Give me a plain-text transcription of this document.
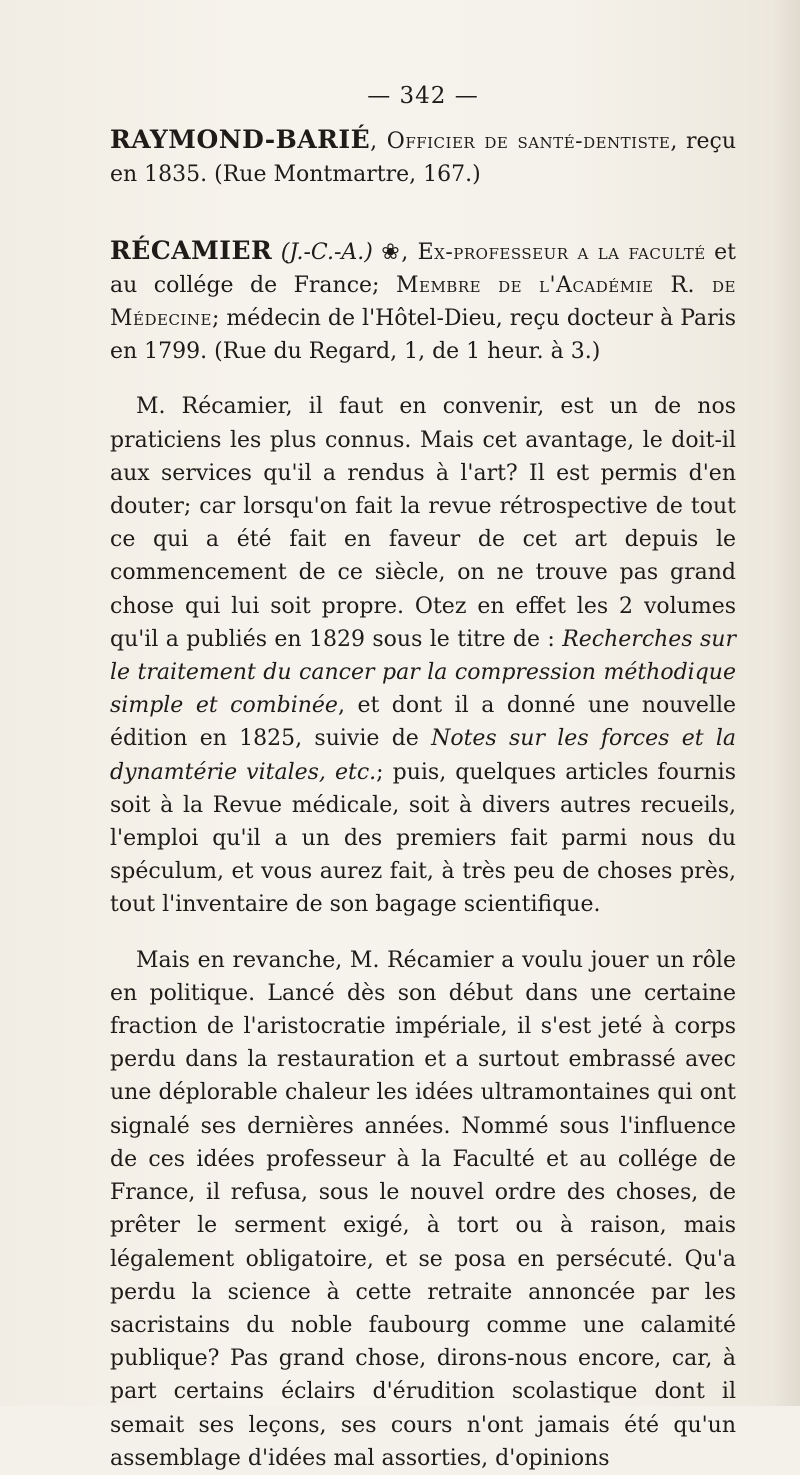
— 342 —

RAYMOND-BARIÉ, Officier de santé-dentiste, reçu en 1835. (Rue Montmartre, 167.)

RÉCAMIER (J.-C.-A.) ❀, Ex-professeur a la faculté et au collége de France; Membre de l'Académie R. de Médecine; médecin de l'Hôtel-Dieu, reçu docteur à Paris en 1799. (Rue du Regard, 1, de 1 heur. à 3.)

M. Récamier, il faut en convenir, est un de nos praticiens les plus connus. Mais cet avantage, le doit-il aux services qu'il a rendus à l'art? Il est permis d'en douter; car lorsqu'on fait la revue rétrospective de tout ce qui a été fait en faveur de cet art depuis le commencement de ce siècle, on ne trouve pas grand chose qui lui soit propre. Otez en effet les 2 volumes qu'il a publiés en 1829 sous le titre de : Recherches sur le traitement du cancer par la compression méthodique simple et combinée, et dont il a donné une nouvelle édition en 1825, suivie de Notes sur les forces et la dynamtérie vitales, etc.; puis, quelques articles fournis soit à la Revue médicale, soit à divers autres recueils, l'emploi qu'il a un des premiers fait parmi nous du spéculum, et vous aurez fait, à très peu de choses près, tout l'inventaire de son bagage scientifique.

Mais en revanche, M. Récamier a voulu jouer un rôle en politique. Lancé dès son début dans une certaine fraction de l'aristocratie impériale, il s'est jeté à corps perdu dans la restauration et a surtout embrassé avec une déplorable chaleur les idées ultramontaines qui ont signalé ses dernières années. Nommé sous l'influence de ces idées professeur à la Faculté et au collége de France, il refusa, sous le nouvel ordre des choses, de prêter le serment exigé, à tort ou à raison, mais légalement obligatoire, et se posa en persécuté. Qu'a perdu la science à cette retraite annoncée par les sacristains du noble faubourg comme une calamité publique? Pas grand chose, dirons-nous encore, car, à part certains éclairs d'érudition scolastique dont il semait ses leçons, ses cours n'ont jamais été qu'un assemblage d'idées mal assorties, d'opinions
